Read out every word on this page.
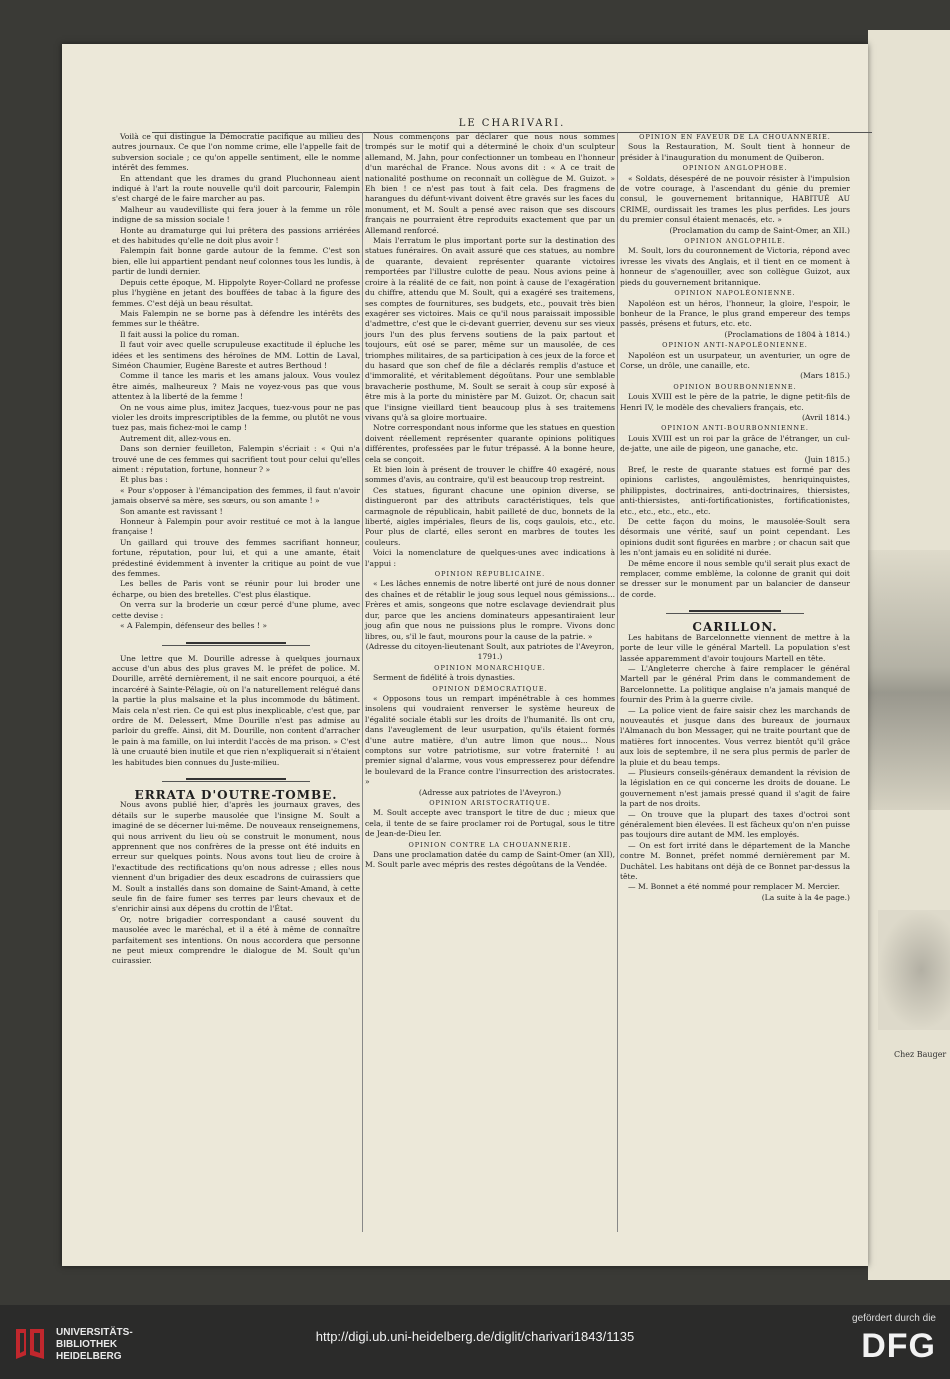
Chez Bauger
LE CHARIVARI.

Voilà ce qui distingue la Démocratie pacifique au milieu des autres journaux. Ce que l'on nomme crime, elle l'appelle fait de subversion sociale ; ce qu'on appelle sentiment, elle le nomme intérêt des femmes.

En attendant que les drames du grand Pluchonneau aient indiqué à l'art la route nouvelle qu'il doit parcourir, Falempin s'est chargé de le faire marcher au pas.

Malheur au vaudevilliste qui fera jouer à la femme un rôle indigne de sa mission sociale !

Honte au dramaturge qui lui prêtera des passions arriérées et des habitudes qu'elle ne doit plus avoir !

Falempin fait bonne garde autour de la femme. C'est son bien, elle lui appartient pendant neuf colonnes tous les lundis, à partir de lundi dernier.

Depuis cette époque, M. Hippolyte Royer-Collard ne professe plus l'hygiène en jetant des bouffées de tabac à la figure des femmes. C'est déjà un beau résultat.

Mais Falempin ne se borne pas à défendre les intérêts des femmes sur le théâtre.

Il fait aussi la police du roman.

Il faut voir avec quelle scrupuleuse exactitude il épluche les idées et les sentimens des héroïnes de MM. Lottin de Laval, Siméon Chaumier, Eugène Bareste et autres Berthoud !

Comme il tance les maris et les amans jaloux. Vous voulez être aimés, malheureux ? Mais ne voyez-vous pas que vous attentez à la liberté de la femme !

On ne vous aime plus, imitez Jacques, tuez-vous pour ne pas violer les droits imprescriptibles de la femme, ou plutôt ne vous tuez pas, mais fichez-moi le camp !

Autrement dit, allez-vous en.

Dans son dernier feuilleton, Falempin s'écriait : « Qui n'a trouvé une de ces femmes qui sacrifient tout pour celui qu'elles aiment : réputation, fortune, honneur ? »

Et plus bas :

« Pour s'opposer à l'émancipation des femmes, il faut n'avoir jamais observé sa mère, ses sœurs, ou son amante ! »

Son amante est ravissant !

Honneur à Falempin pour avoir restitué ce mot à la langue française !

Un gaillard qui trouve des femmes sacrifiant honneur, fortune, réputation, pour lui, et qui a une amante, était prédestiné évidemment à inventer la critique au point de vue des femmes.

Les belles de Paris vont se réunir pour lui broder une écharpe, ou bien des bretelles. C'est plus élastique.

On verra sur la broderie un cœur percé d'une plume, avec cette devise :

« A Falempin, défenseur des belles ! »

Une lettre que M. Dourille adresse à quelques journaux accuse d'un abus des plus graves M. le préfet de police. M. Dourille, arrêté dernièrement, il ne sait encore pourquoi, a été incarcéré à Sainte-Pélagie, où on l'a naturellement relégué dans la partie la plus malsaine et la plus incommode du bâtiment. Mais cela n'est rien. Ce qui est plus inexplicable, c'est que, par ordre de M. Delessert, Mme Dourille n'est pas admise au parloir du greffe. Ainsi, dit M. Dourille, non content d'arracher le pain à ma famille, on lui interdit l'accès de ma prison. » C'est là une cruauté bien inutile et que rien n'expliquerait si n'étaient les habitudes bien connues du Juste-milieu.

ERRATA D'OUTRE-TOMBE.

Nous avons publié hier, d'après les journaux graves, des détails sur le superbe mausolée que l'insigne M. Soult a imaginé de se décerner lui-même. De nouveaux renseignemens, qui nous arrivent du lieu où se construit le monument, nous apprennent que nos confrères de la presse ont été induits en erreur sur quelques points. Nous avons tout lieu de croire à l'exactitude des rectifications qu'on nous adresse ; elles nous viennent d'un brigadier des deux escadrons de cuirassiers que M. Soult a installés dans son domaine de Saint-Amand, à cette seule fin de faire fumer ses terres par leurs chevaux et de s'enrichir ainsi aux dépens du crottin de l'État.

Or, notre brigadier correspondant a causé souvent du mausolée avec le maréchal, et il a été à même de connaître parfaitement ses intentions. On nous accordera que personne ne peut mieux comprendre le dialogue de M. Soult qu'un cuirassier.

Nous commençons par déclarer que nous nous sommes trompés sur le motif qui a déterminé le choix d'un sculpteur allemand, M. Jahn, pour confectionner un tombeau en l'honneur d'un maréchal de France. Nous avons dit : « A ce trait de nationalité posthume on reconnaît un collègue de M. Guizot. » Eh bien ! ce n'est pas tout à fait cela. Des fragmens de harangues du défunt-vivant doivent être gravés sur les faces du monument, et M. Soult a pensé avec raison que ses discours français ne pourraient être reproduits exactement que par un Allemand renforcé.

Mais l'erratum le plus important porte sur la destination des statues funéraires. On avait assuré que ces statues, au nombre de quarante, devaient représenter quarante victoires remportées par l'illustre culotte de peau. Nous avions peine à croire à la réalité de ce fait, non point à cause de l'exagération du chiffre, attendu que M. Soult, qui a exagéré ses traitemens, ses comptes de fournitures, ses budgets, etc., pouvait très bien exagérer ses victoires. Mais ce qu'il nous paraissait impossible d'admettre, c'est que le ci-devant guerrier, devenu sur ses vieux jours l'un des plus fervens soutiens de la paix partout et toujours, eût osé se parer, même sur un mausolée, de ces triomphes militaires, de sa participation à ces jeux de la force et du hasard que son chef de file a déclarés remplis d'astuce et d'immoralité, et véritablement dégoûtans. Pour une semblable bravacherie posthume, M. Soult se serait à coup sûr exposé à être mis à la porte du ministère par M. Guizot. Or, chacun sait que l'insigne vieillard tient beaucoup plus à ses traitemens vivans qu'à sa gloire mortuaire.

Notre correspondant nous informe que les statues en question doivent réellement représenter quarante opinions politiques différentes, professées par le futur trépassé. A la bonne heure, cela se conçoit.

Et bien loin à présent de trouver le chiffre 40 exagéré, nous sommes d'avis, au contraire, qu'il est beaucoup trop restreint.

Ces statues, figurant chacune une opinion diverse, se distingueront par des attributs caractéristiques, tels que carmagnole de républicain, habit pailleté de duc, bonnets de la liberté, aigles impériales, fleurs de lis, coqs gaulois, etc., etc. Pour plus de clarté, elles seront en marbres de toutes les couleurs.

Voici la nomenclature de quelques-unes avec indications à l'appui :

OPINION RÉPUBLICAINE.

« Les lâches ennemis de notre liberté ont juré de nous donner des chaînes et de rétablir le joug sous lequel nous gémissions... Frères et amis, songeons que notre esclavage deviendrait plus dur, parce que les anciens dominateurs appesantiraient leur joug afin que nous ne puissions plus le rompre. Vivons donc libres, ou, s'il le faut, mourons pour la cause de la patrie. »

(Adresse du citoyen-lieutenant Soult, aux patriotes de l'Aveyron, 1791.)

OPINION MONARCHIQUE.

Serment de fidélité à trois dynasties.

OPINION DÉMOCRATIQUE.

« Opposons tous un rempart impénétrable à ces hommes insolens qui voudraient renverser le système heureux de l'égalité sociale établi sur les droits de l'humanité. Ils ont cru, dans l'aveuglement de leur usurpation, qu'ils étaient formés d'une autre matière, d'un autre limon que nous... Nous comptons sur votre patriotisme, sur votre fraternité ! au premier signal d'alarme, vous vous empresserez pour défendre le boulevard de la France contre l'insurrection des aristocrates. »

(Adresse aux patriotes de l'Aveyron.)

OPINION ARISTOCRATIQUE.

M. Soult accepte avec transport le titre de duc ; mieux que cela, il tente de se faire proclamer roi de Portugal, sous le titre de Jean-de-Dieu Ier.

OPINION CONTRE LA CHOUANNERIE.

Dans une proclamation datée du camp de Saint-Omer (an XII), M. Soult parle avec mépris des restes dégoûtans de la Vendée.

OPINION EN FAVEUR DE LA CHOUANNERIE.

Sous la Restauration, M. Soult tient à honneur de présider à l'inauguration du monument de Quiberon.

OPINION ANGLOPHOBE.

« Soldats, désespéré de ne pouvoir résister à l'impulsion de votre courage, à l'ascendant du génie du premier consul, le gouvernement britannique, HABITUÉ AU CRIME, ourdissait les trames les plus perfides. Les jours du premier consul étaient menacés, etc. »

(Proclamation du camp de Saint-Omer, an XII.)

OPINION ANGLOPHILE.

M. Soult, lors du couronnement de Victoria, répond avec ivresse les vivats des Anglais, et il tient en ce moment à honneur de s'agenouiller, avec son collègue Guizot, aux pieds du gouvernement britannique.

OPINION NAPOLÉONIENNE.

Napoléon est un héros, l'honneur, la gloire, l'espoir, le bonheur de la France, le plus grand empereur des temps passés, présens et futurs, etc. etc.

(Proclamations de 1804 à 1814.)

OPINION ANTI-NAPOLÉONIENNE.

Napoléon est un usurpateur, un aventurier, un ogre de Corse, un drôle, une canaille, etc.

(Mars 1815.)

OPINION BOURBONNIENNE.

Louis XVIII est le père de la patrie, le digne petit-fils de Henri IV, le modèle des chevaliers français, etc.

(Avril 1814.)

OPINION ANTI-BOURBONNIENNE.

Louis XVIII est un roi par la grâce de l'étranger, un cul-de-jatte, une aile de pigeon, une ganache, etc.

(Juin 1815.)

Bref, le reste de quarante statues est formé par des opinions carlistes, angoulêmistes, henriquinquistes, philippistes, doctrinaires, anti-doctrinaires, thiersistes, anti-thiersistes, anti-fortificationistes, fortificationistes, etc., etc., etc., etc., etc.

De cette façon du moins, le mausolée-Soult sera désormais une vérité, sauf un point cependant. Les opinions dudit sont figurées en marbre ; or chacun sait que les n'ont jamais eu en solidité ni durée.

De même encore il nous semble qu'il serait plus exact de remplacer, comme emblème, la colonne de granit qui doit se dresser sur le monument par un balancier de danseur de corde.

CARILLON.

Les habitans de Barcelonnette viennent de mettre à la porte de leur ville le général Martell. La population s'est lassée apparemment d'avoir toujours Martell en tête.

— L'Angleterre cherche à faire remplacer le général Martell par le général Prim dans le commandement de Barcelonnette. La politique anglaise n'a jamais manqué de fournir des Prim à la guerre civile.

— La police vient de faire saisir chez les marchands de nouveautés et jusque dans des bureaux de journaux l'Almanach du bon Messager, qui ne traite pourtant que de matières fort innocentes. Vous verrez bientôt qu'il grâce aux lois de septembre, il ne sera plus permis de parler de la pluie et du beau temps.

— Plusieurs conseils-généraux demandent la révision de la législation en ce qui concerne les droits de douane. Le gouvernement n'est jamais pressé quand il s'agit de faire la part de nos droits.

— On trouve que la plupart des taxes d'octroi sont généralement bien élevées. Il est fâcheux qu'on n'en puisse pas toujours dire autant de MM. les employés.

— On est fort irrité dans le département de la Manche contre M. Bonnet, préfet nommé dernièrement par M. Duchâtel. Les habitans ont déjà de ce Bonnet par-dessus la tête.

— M. Bonnet a été nommé pour remplacer M. Mercier.

(La suite à la 4e page.)

UNIVERSITÄTS-
BIBLIOTHEK
HEIDELBERG
http://digi.ub.uni-heidelberg.de/diglit/charivari1843/1135
gefördert durch die
DFG
